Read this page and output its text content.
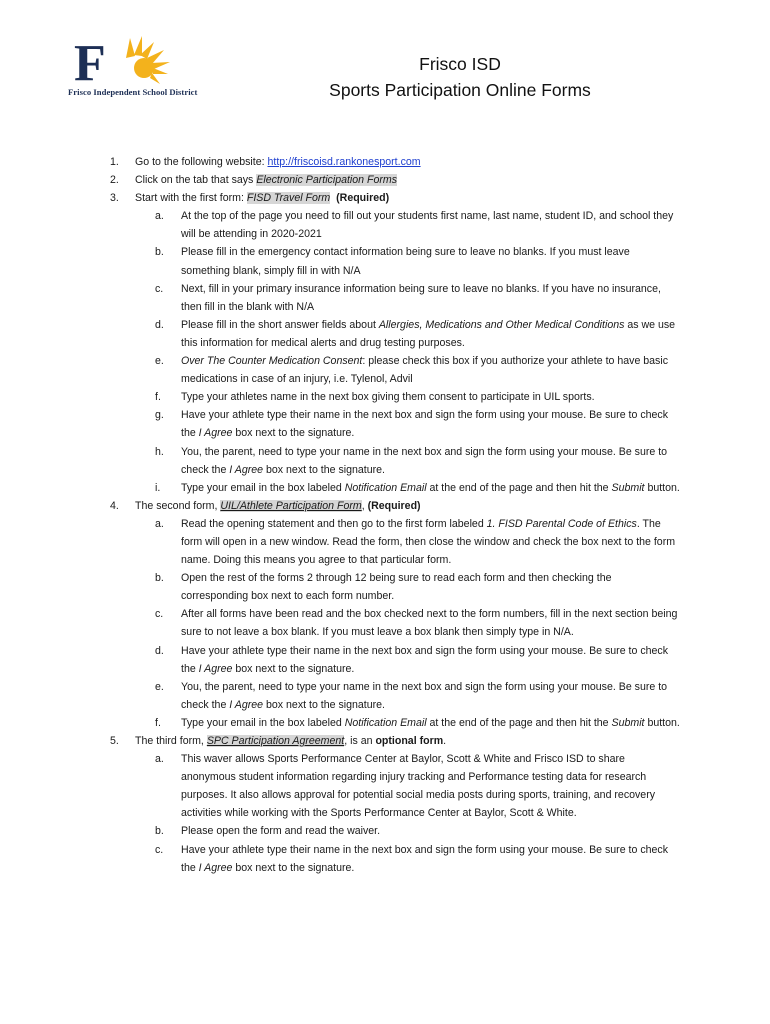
F
Frisco Independent School District
Frisco ISD
Sports Participation Online Forms
1. Go to the following website: http://friscoisd.rankonesport.com
2. Click on the tab that says Electronic Participation Forms
3. Start with the first form: FISD Travel Form (Required)
a. At the top of the page you need to fill out your students first name, last name, student ID, and school they will be attending in 2020-2021
b. Please fill in the emergency contact information being sure to leave no blanks. If you must leave something blank, simply fill in with N/A
c. Next, fill in your primary insurance information being sure to leave no blanks. If you have no insurance, then fill in the blank with N/A
d. Please fill in the short answer fields about Allergies, Medications and Other Medical Conditions as we use this information for medical alerts and drug testing purposes.
e. Over The Counter Medication Consent: please check this box if you authorize your athlete to have basic medications in case of an injury, i.e. Tylenol, Advil
f. Type your athletes name in the next box giving them consent to participate in UIL sports.
g. Have your athlete type their name in the next box and sign the form using your mouse. Be sure to check the I Agree box next to the signature.
h. You, the parent, need to type your name in the next box and sign the form using your mouse. Be sure to check the I Agree box next to the signature.
i. Type your email in the box labeled Notification Email at the end of the page and then hit the Submit button.
4. The second form, UIL/Athlete Participation Form, (Required)
a. Read the opening statement and then go to the first form labeled 1. FISD Parental Code of Ethics. The form will open in a new window. Read the form, then close the window and check the box next to the form name. Doing this means you agree to that particular form.
b. Open the rest of the forms 2 through 12 being sure to read each form and then checking the corresponding box next to each form number.
c. After all forms have been read and the box checked next to the form numbers, fill in the next section being sure to not leave a box blank. If you must leave a box blank then simply type in N/A.
d. Have your athlete type their name in the next box and sign the form using your mouse. Be sure to check the I Agree box next to the signature.
e. You, the parent, need to type your name in the next box and sign the form using your mouse. Be sure to check the I Agree box next to the signature.
f. Type your email in the box labeled Notification Email at the end of the page and then hit the Submit button.
5. The third form, SPC Participation Agreement, is an optional form.
a. This waver allows Sports Performance Center at Baylor, Scott & White and Frisco ISD to share anonymous student information regarding injury tracking and Performance testing data for research purposes. It also allows approval for potential social media posts during sports, training, and recovery activities while working with the Sports Performance Center at Baylor, Scott & White.
b. Please open the form and read the waiver.
c. Have your athlete type their name in the next box and sign the form using your mouse. Be sure to check the I Agree box next to the signature.
